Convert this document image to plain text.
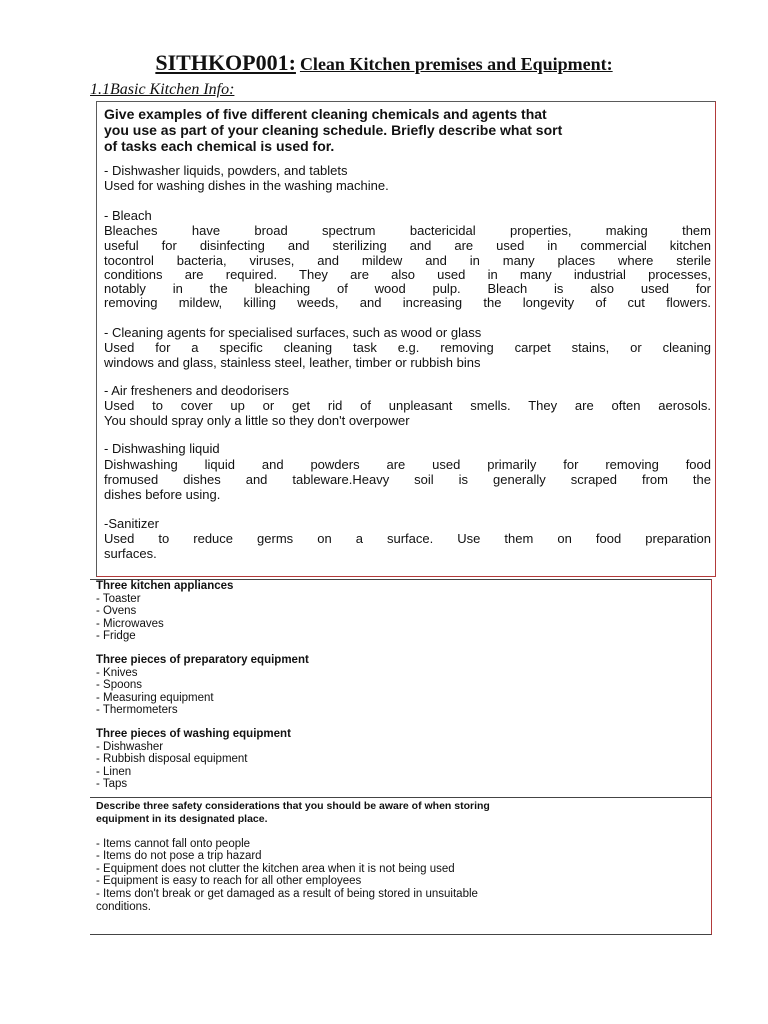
SITHKOP001: Clean Kitchen premises and Equipment:
1.1Basic Kitchen Info:
Give examples of five different cleaning chemicals and agents that
you use as part of your cleaning schedule. Briefly describe what sort
of tasks each chemical is used for.
- Dishwasher liquids, powders, and tablets
Used for washing dishes in the washing machine.
- Bleach
Bleaches have broad spectrum bactericidal properties, making them
useful for disinfecting and sterilizing and are used in commercial kitchen
tocontrol bacteria, viruses, and mildew and in many places where sterile
conditions are required. They are also used in many industrial processes,
notably in the bleaching of wood pulp. Bleach is also used for
removing mildew, killing weeds, and increasing the longevity of cut flowers.
- Cleaning agents for specialised surfaces, such as wood or glass
Used for a specific cleaning task e.g. removing carpet stains, or cleaning
windows and glass, stainless steel, leather, timber or rubbish bins
- Air fresheners and deodorisers
Used to cover up or get rid of unpleasant smells. They are often aerosols.
You should spray only a little so they don't overpower
- Dishwashing liquid
Dishwashing liquid and powders are used primarily for removing food
fromused dishes and tableware.Heavy soil is generally scraped from the
dishes before using.
-Sanitizer
Used to reduce germs on a surface. Use them on food preparation
surfaces.
Three kitchen appliances
- Toaster
- Ovens
- Microwaves
- Fridge
Three pieces of preparatory equipment
- Knives
- Spoons
- Measuring equipment
- Thermometers
Three pieces of washing equipment
- Dishwasher
- Rubbish disposal equipment
- Linen
- Taps
Describe three safety considerations that you should be aware of when storing
equipment in its designated place.
- Items cannot fall onto people
- Items do not pose a trip hazard
- Equipment does not clutter the kitchen area when it is not being used
- Equipment is easy to reach for all other employees
- Items don't break or get damaged as a result of being stored in unsuitable
conditions.
